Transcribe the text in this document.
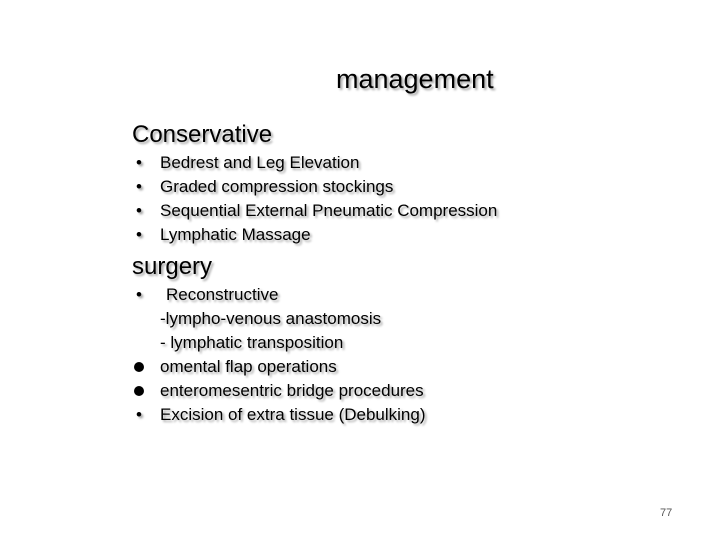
management
Conservative
•
Bedrest and Leg Elevation
•
Graded compression stockings
•
Sequential External Pneumatic Compression
•
Lymphatic Massage
surgery
•
Reconstructive
-lympho-venous anastomosis
- lymphatic transposition
omental flap operations
enteromesentric bridge procedures
•
Excision of extra tissue (Debulking)
77
